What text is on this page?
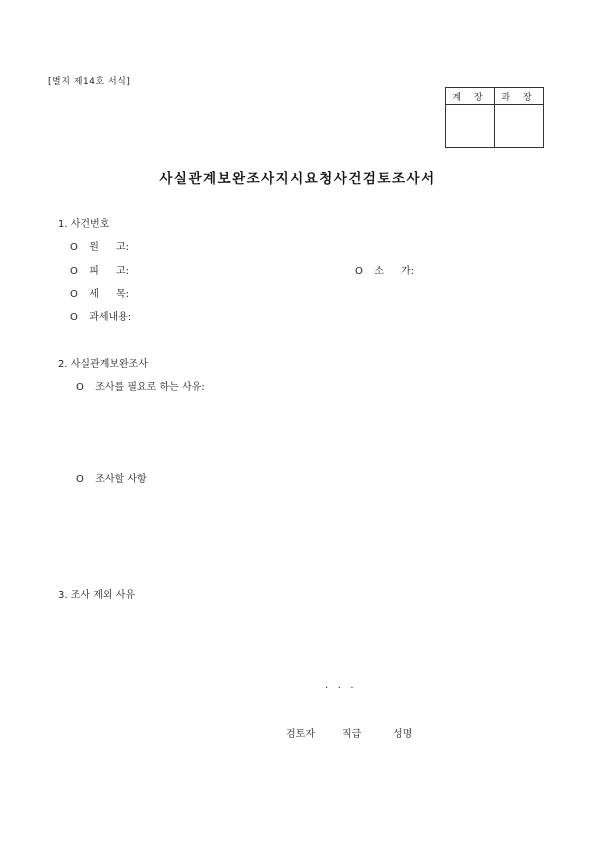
[별지 제14호 서식]
계 장	과 장

사실관계보완조사지시요청사건검토조사서
1. 사건번호
O 원 고:
O 피 고:	O 소 가:
O 세 목:
O 과세내용:
2. 사실관계보완조사
O 조사를 필요로 하는 사유:
O 조사할 사항
3. 조사 제외 사유
.   .   .
검토자	직급	성명
